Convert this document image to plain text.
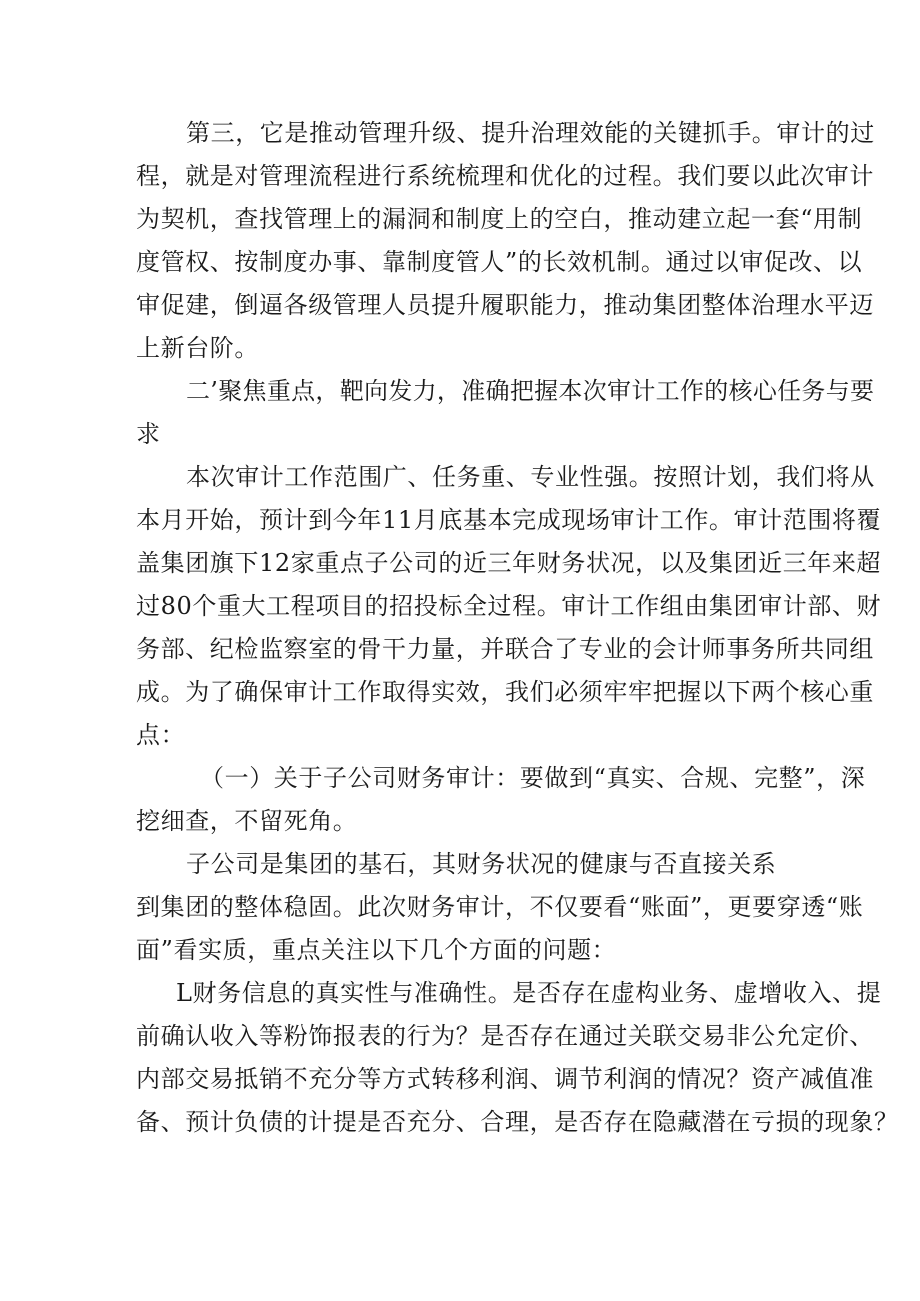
第三，它是推动管理升级、提升治理效能的关键抓手。审计的过
程，就是对管理流程进行系统梳理和优化的过程。我们要以此次审计
为契机，查找管理上的漏洞和制度上的空白，推动建立起一套“用制
度管权、按制度办事、靠制度管人”的长效机制。通过以审促改、以
审促建，倒逼各级管理人员提升履职能力，推动集团整体治理水平迈
上新台阶。
二’聚焦重点，靶向发力，准确把握本次审计工作的核心任务与要
求
本次审计工作范围广、任务重、专业性强。按照计划，我们将从
本月开始，预计到今年11月底基本完成现场审计工作。审计范围将覆
盖集团旗下12家重点子公司的近三年财务状况，以及集团近三年来超
过80个重大工程项目的招投标全过程。审计工作组由集团审计部、财
务部、纪检监察室的骨干力量，并联合了专业的会计师事务所共同组
成。为了确保审计工作取得实效，我们必须牢牢把握以下两个核心重
点：
（一）关于子公司财务审计：要做到“真实、合规、完整”，深
挖细查，不留死角。
子公司是集团的基石，其财务状况的健康与否直接关系
到集团的整体稳固。此次财务审计，不仅要看“账面”，更要穿透“账
面”看实质，重点关注以下几个方面的问题：
L财务信息的真实性与准确性。是否存在虚构业务、虚增收入、提
前确认收入等粉饰报表的行为？是否存在通过关联交易非公允定价、
内部交易抵销不充分等方式转移利润、调节利润的情况？资产减值准
备、预计负债的计提是否充分、合理，是否存在隐藏潜在亏损的现象？
